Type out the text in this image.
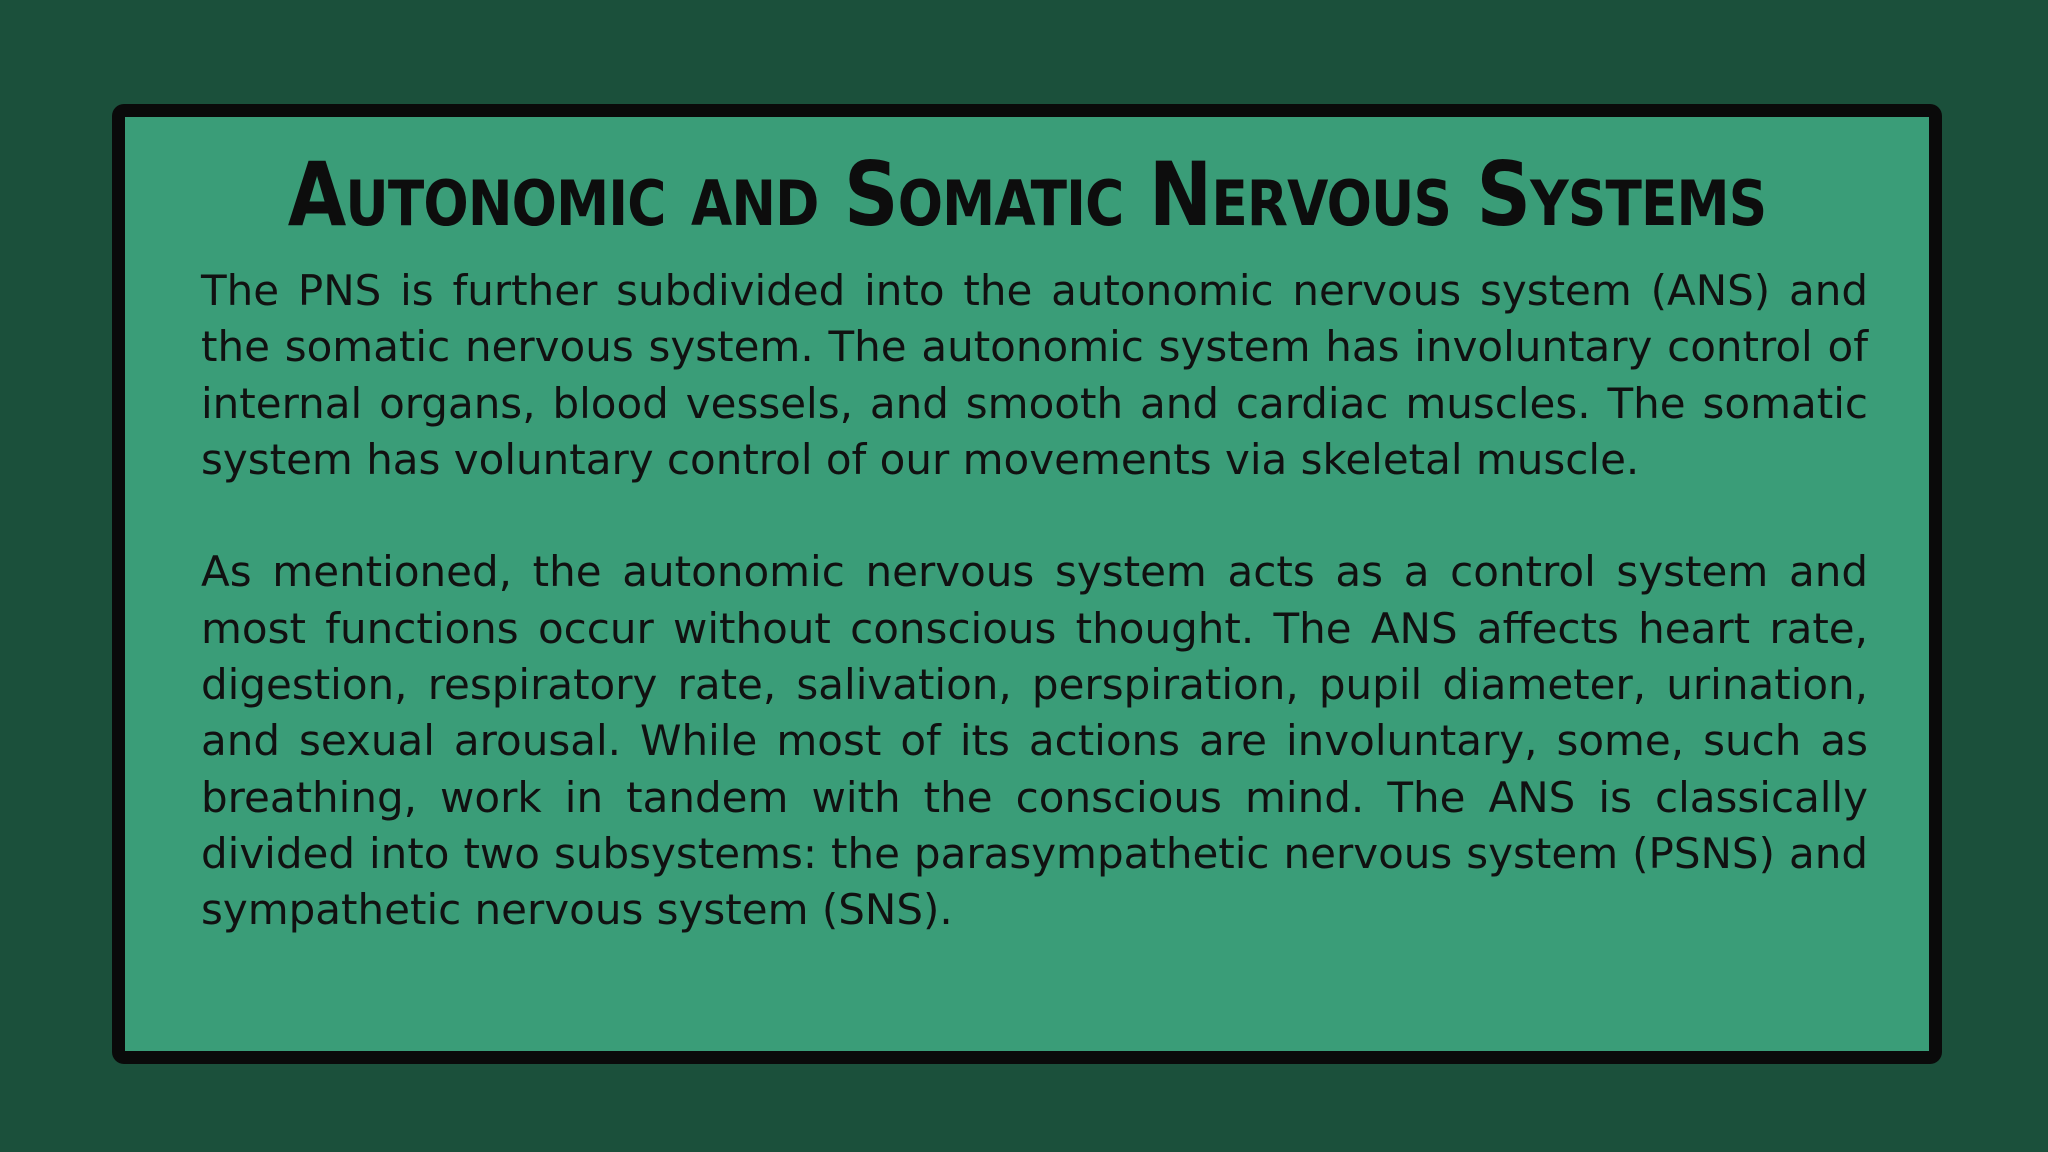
Autonomic and Somatic Nervous Systems

The PNS is further subdivided into the autonomic nervous system (ANS) and the somatic nervous system. The autonomic system has involuntary control of internal organs, blood vessels, and smooth and cardiac muscles. The somatic system has voluntary control of our movements via skeletal muscle.

As mentioned, the autonomic nervous system acts as a control system and most functions occur without conscious thought. The ANS affects heart rate, digestion, respiratory rate, salivation, perspiration, pupil diameter, urination, and sexual arousal. While most of its actions are involuntary, some, such as breathing, work in tandem with the conscious mind. The ANS is classically divided into two subsystems: the parasympathetic nervous system (PSNS) and sympathetic nervous system (SNS).
